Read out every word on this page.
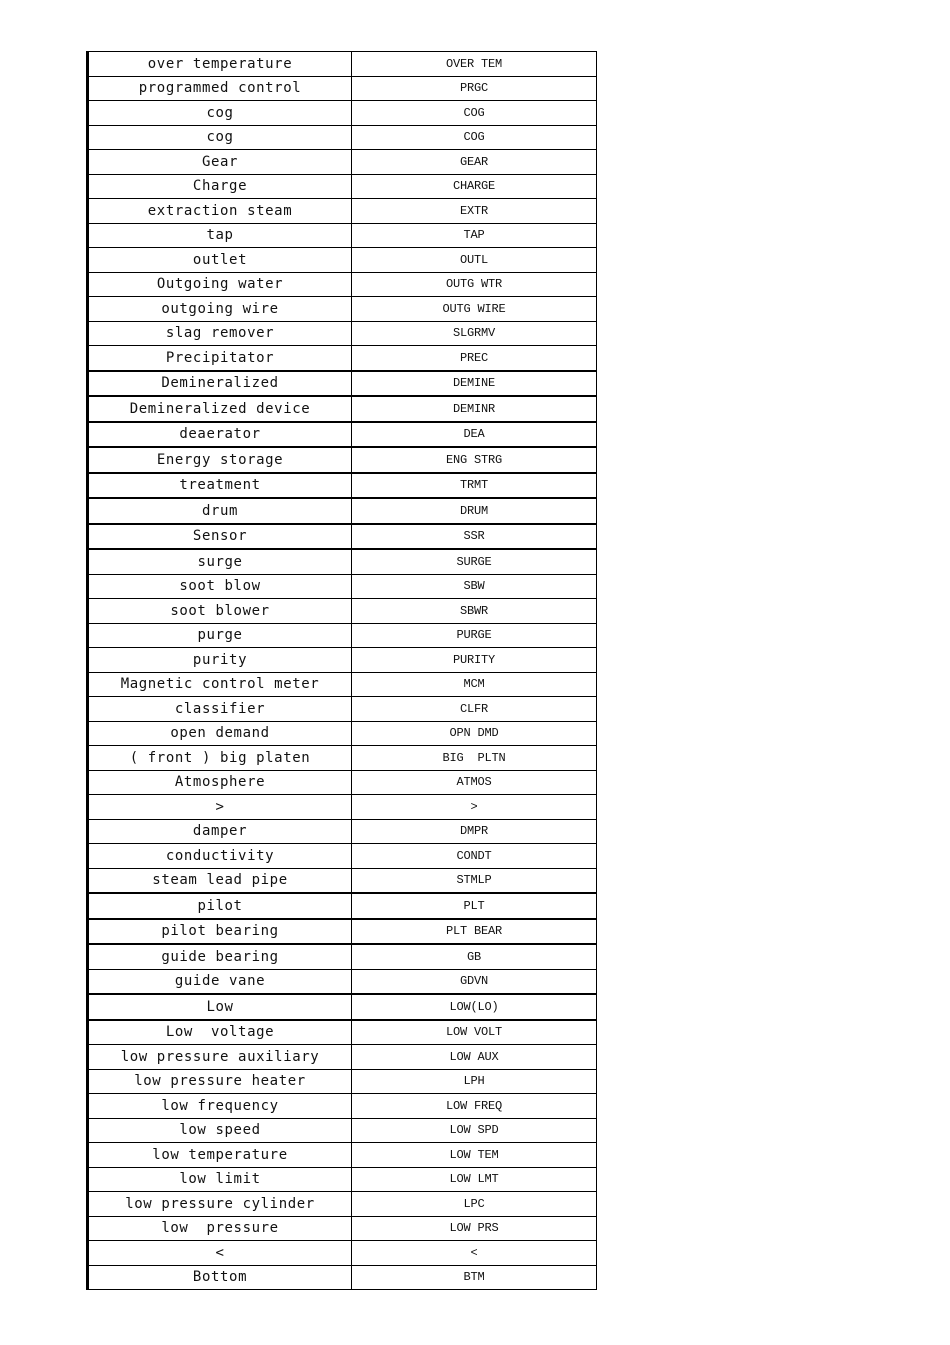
over temperature	OVER TEM
programmed control	PRGC
cog	COG
cog	COG
Gear	GEAR
Charge	CHARGE
extraction steam	EXTR
tap	TAP
outlet	OUTL
Outgoing water	OUTG WTR
outgoing wire	OUTG WIRE
slag remover	SLGRMV
Precipitator	PREC
Demineralized	DEMINE
Demineralized device	DEMINR
deaerator	DEA
Energy storage	ENG STRG
treatment	TRMT
drum	DRUM
Sensor	SSR
surge	SURGE
soot blow	SBW
soot blower	SBWR
purge	PURGE
purity	PURITY
Magnetic control meter	MCM
classifier	CLFR
open demand	OPN DMD
( front ) big platen	BIG  PLTN
Atmosphere	ATMOS
>	>
damper	DMPR
conductivity	CONDT
steam lead pipe	STMLP
pilot	PLT
pilot bearing	PLT BEAR
guide bearing	GB
guide vane	GDVN
Low	LOW(LO)
Low  voltage	LOW VOLT
low pressure auxiliary	LOW AUX
low pressure heater	LPH
low frequency	LOW FREQ
low speed	LOW SPD
low temperature	LOW TEM
low limit	LOW LMT
low pressure cylinder	LPC
low  pressure	LOW PRS
<	<
Bottom	BTM
